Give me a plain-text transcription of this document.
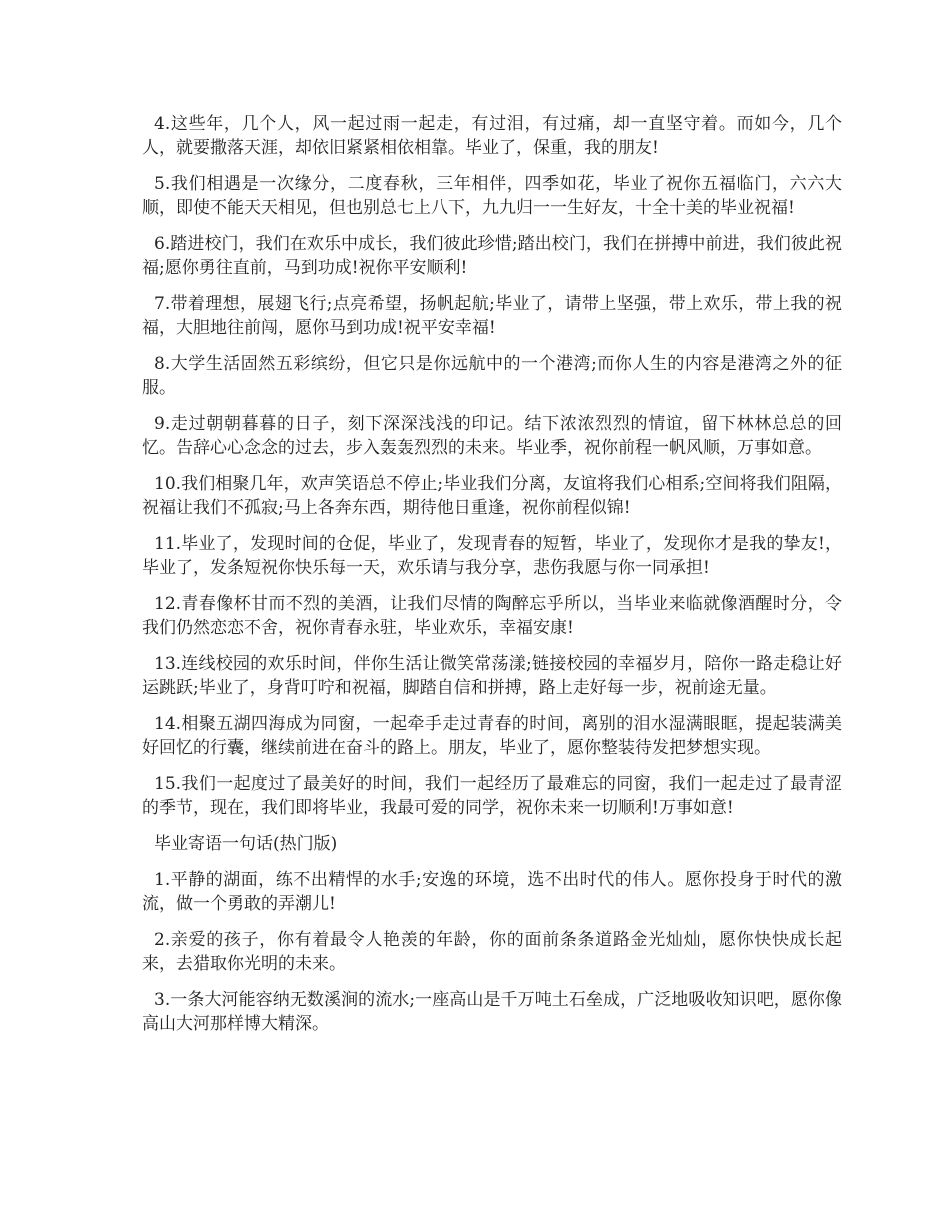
4.这些年，几个人，风一起过雨一起走，有过泪，有过痛，却一直坚守着。而如今，几个人，就要撒落天涯，却依旧紧紧相依相靠。毕业了，保重，我的朋友!

5.我们相遇是一次缘分，二度春秋，三年相伴，四季如花，毕业了祝你五福临门，六六大顺，即使不能天天相见，但也别总七上八下，九九归一一生好友，十全十美的毕业祝福!

6.踏进校门，我们在欢乐中成长，我们彼此珍惜;踏出校门，我们在拼搏中前进，我们彼此祝福;愿你勇往直前，马到功成!祝你平安顺利!

7.带着理想，展翅飞行;点亮希望，扬帆起航;毕业了，请带上坚强，带上欢乐，带上我的祝福，大胆地往前闯，愿你马到功成!祝平安幸福!

8.大学生活固然五彩缤纷，但它只是你远航中的一个港湾;而你人生的内容是港湾之外的征服。

9.走过朝朝暮暮的日子，刻下深深浅浅的印记。结下浓浓烈烈的情谊，留下林林总总的回忆。告辞心心念念的过去，步入轰轰烈烈的未来。毕业季，祝你前程一帆风顺，万事如意。

10.我们相聚几年，欢声笑语总不停止;毕业我们分离，友谊将我们心相系;空间将我们阻隔，祝福让我们不孤寂;马上各奔东西，期待他日重逢，祝你前程似锦!

11.毕业了，发现时间的仓促，毕业了，发现青春的短暂，毕业了，发现你才是我的挚友!，毕业了，发条短祝你快乐每一天，欢乐请与我分享，悲伤我愿与你一同承担!

12.青春像杯甘而不烈的美酒，让我们尽情的陶醉忘乎所以，当毕业来临就像酒醒时分，令我们仍然恋恋不舍，祝你青春永驻，毕业欢乐，幸福安康!

13.连线校园的欢乐时间，伴你生活让微笑常荡漾;链接校园的幸福岁月，陪你一路走稳让好运跳跃;毕业了，身背叮咛和祝福，脚踏自信和拼搏，路上走好每一步，祝前途无量。

14.相聚五湖四海成为同窗，一起牵手走过青春的时间，离别的泪水湿满眼眶，提起装满美好回忆的行囊，继续前进在奋斗的路上。朋友，毕业了，愿你整装待发把梦想实现。

15.我们一起度过了最美好的时间，我们一起经历了最难忘的同窗，我们一起走过了最青涩的季节，现在，我们即将毕业，我最可爱的同学，祝你未来一切顺利!万事如意!

毕业寄语一句话(热门版)

1.平静的湖面，练不出精悍的水手;安逸的环境，选不出时代的伟人。愿你投身于时代的激流，做一个勇敢的弄潮儿!

2.亲爱的孩子，你有着最令人艳羡的年龄，你的面前条条道路金光灿灿，愿你快快成长起来，去猎取你光明的未来。

3.一条大河能容纳无数溪涧的流水;一座高山是千万吨土石垒成，广泛地吸收知识吧，愿你像高山大河那样博大精深。
